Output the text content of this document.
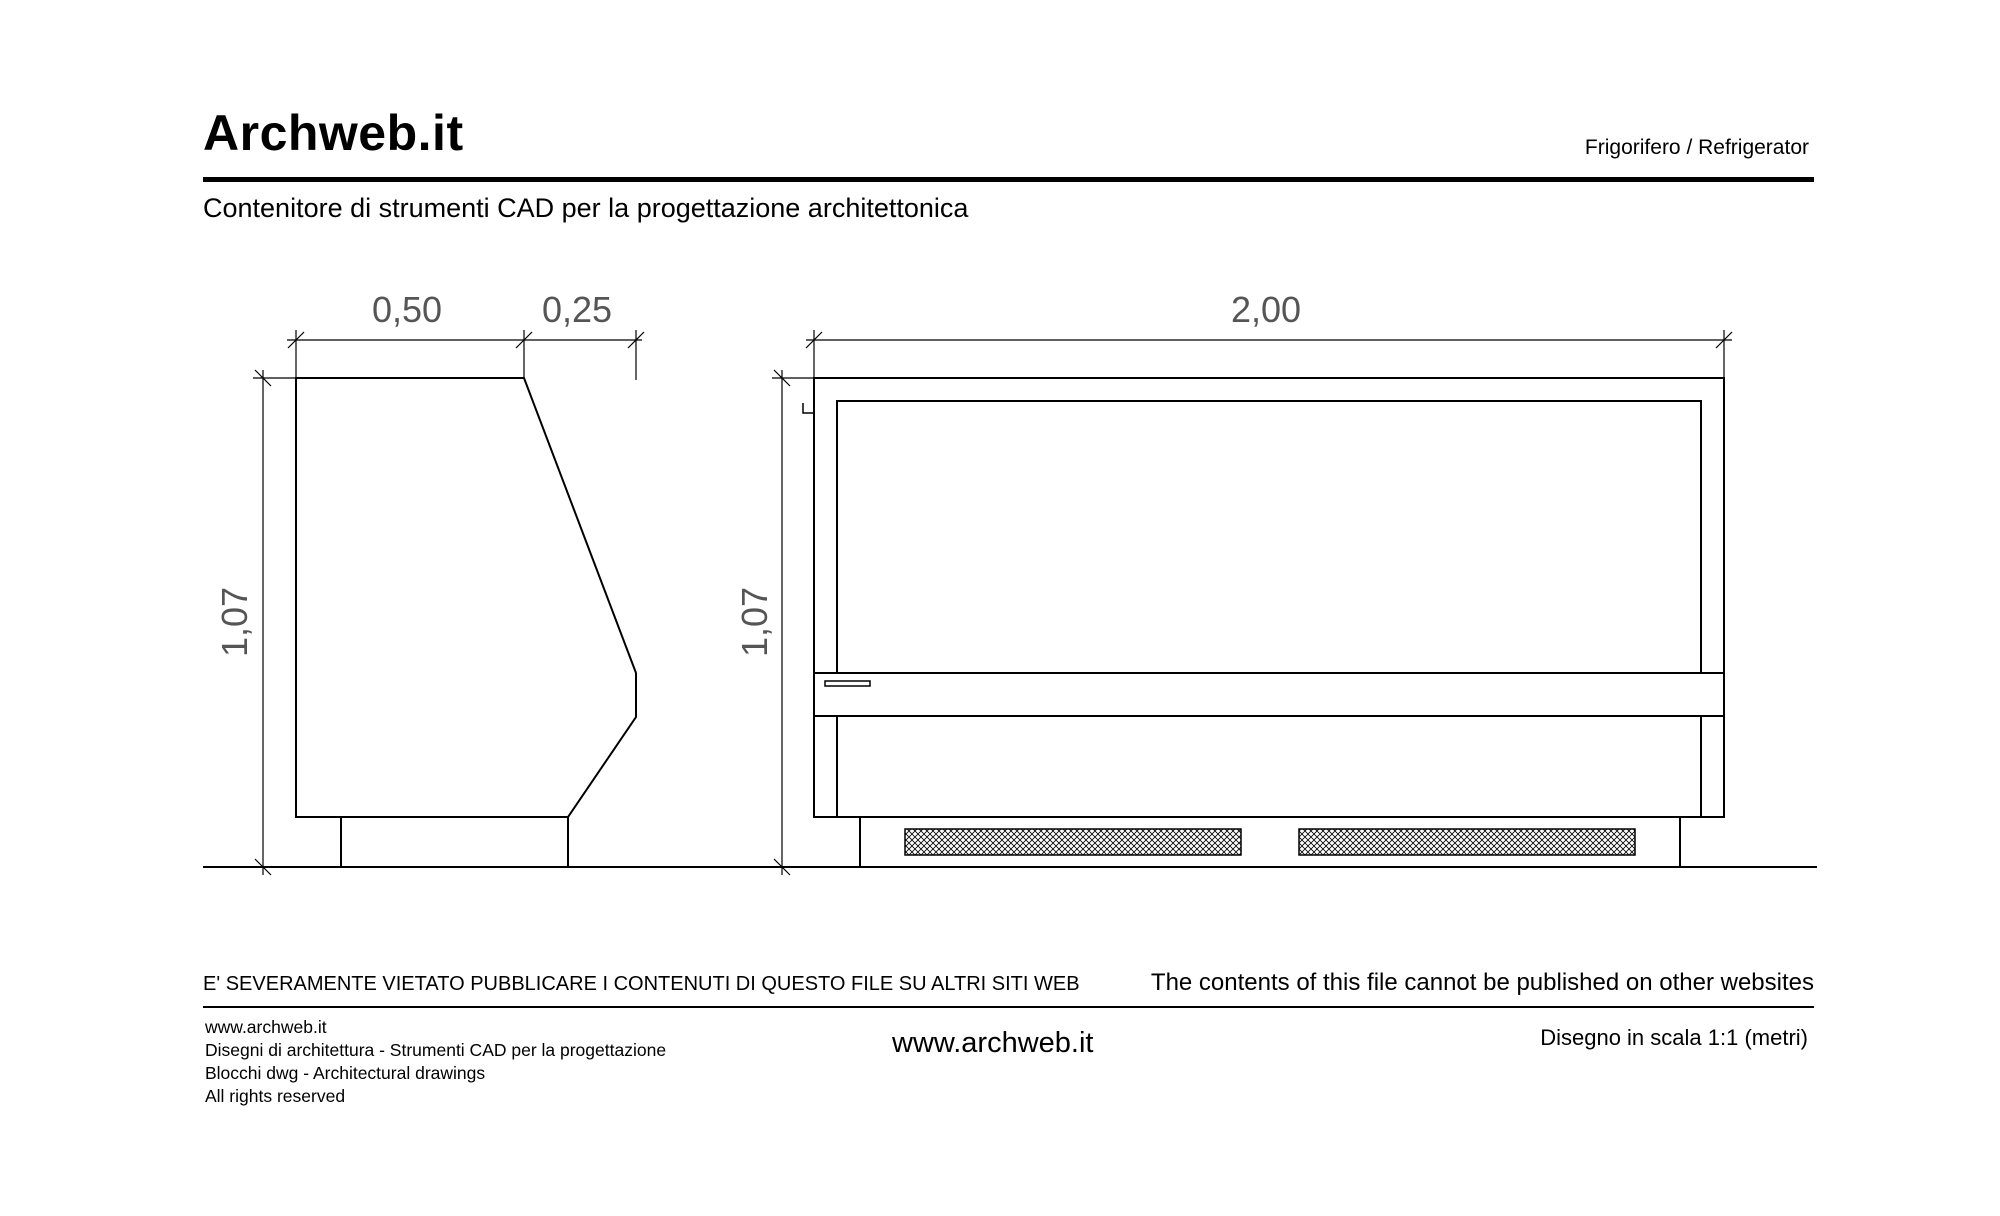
Archweb.it	Frigorifero / Refrigerator
Contenitore di strumenti CAD per la progettazione architettonica
0,50	0,25
1,07	1,07
2,00
E' SEVERAMENTE VIETATO PUBBLICARE I CONTENUTI DI QUESTO FILE SU ALTRI SITI WEB	The contents of this file cannot be published on other websites
www.archweb.it
Disegni di architettura - Strumenti CAD per la progettazione
Blocchi dwg - Architectural drawings
All rights reserved
www.archweb.it	Disegno in scala 1:1 (metri)
